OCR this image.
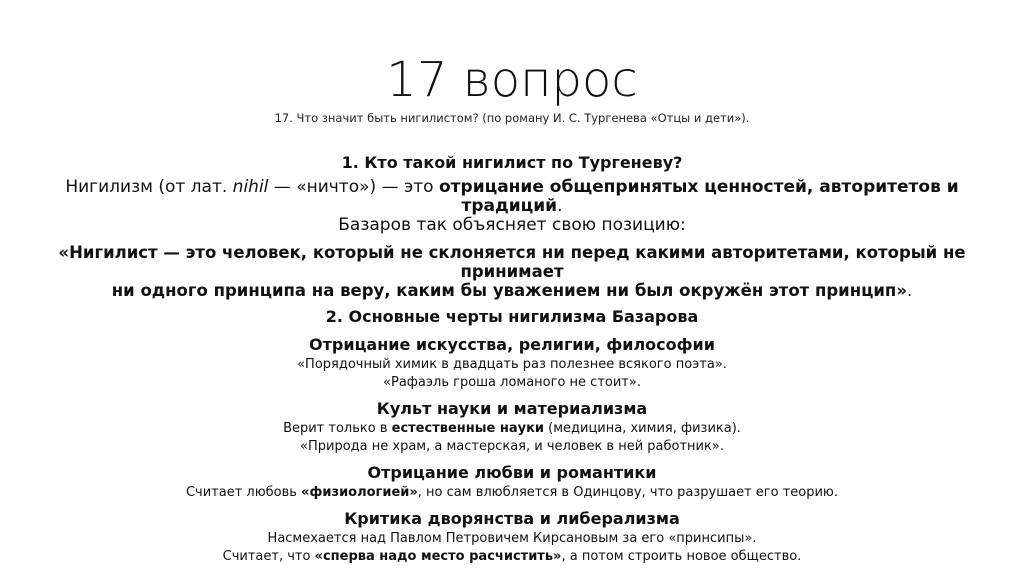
17 вопрос
17. Что значит быть нигилистом? (по роману И. С. Тургенева «Отцы и дети»).
1. Кто такой нигилист по Тургеневу?
Нигилизм (от лат. nihil — «ничто») — это отрицание общепринятых ценностей, авторитетов и традиций.
Базаров так объясняет свою позицию:
«Нигилист — это человек, который не склоняется ни перед какими авторитетами, который не принимает
ни одного принципа на веру, каким бы уважением ни был окружён этот принцип».
2. Основные черты нигилизма Базарова
Отрицание искусства, религии, философии
«Порядочный химик в двадцать раз полезнее всякого поэта».
«Рафаэль гроша ломаного не стоит».
Культ науки и материализма
Верит только в естественные науки (медицина, химия, физика).
«Природа не храм, а мастерская, и человек в ней работник».
Отрицание любви и романтики
Считает любовь «физиологией», но сам влюбляется в Одинцову, что разрушает его теорию.
Критика дворянства и либерализма
Насмехается над Павлом Петровичем Кирсановым за его «принсипы».
Считает, что «сперва надо место расчистить», а потом строить новое общество.
